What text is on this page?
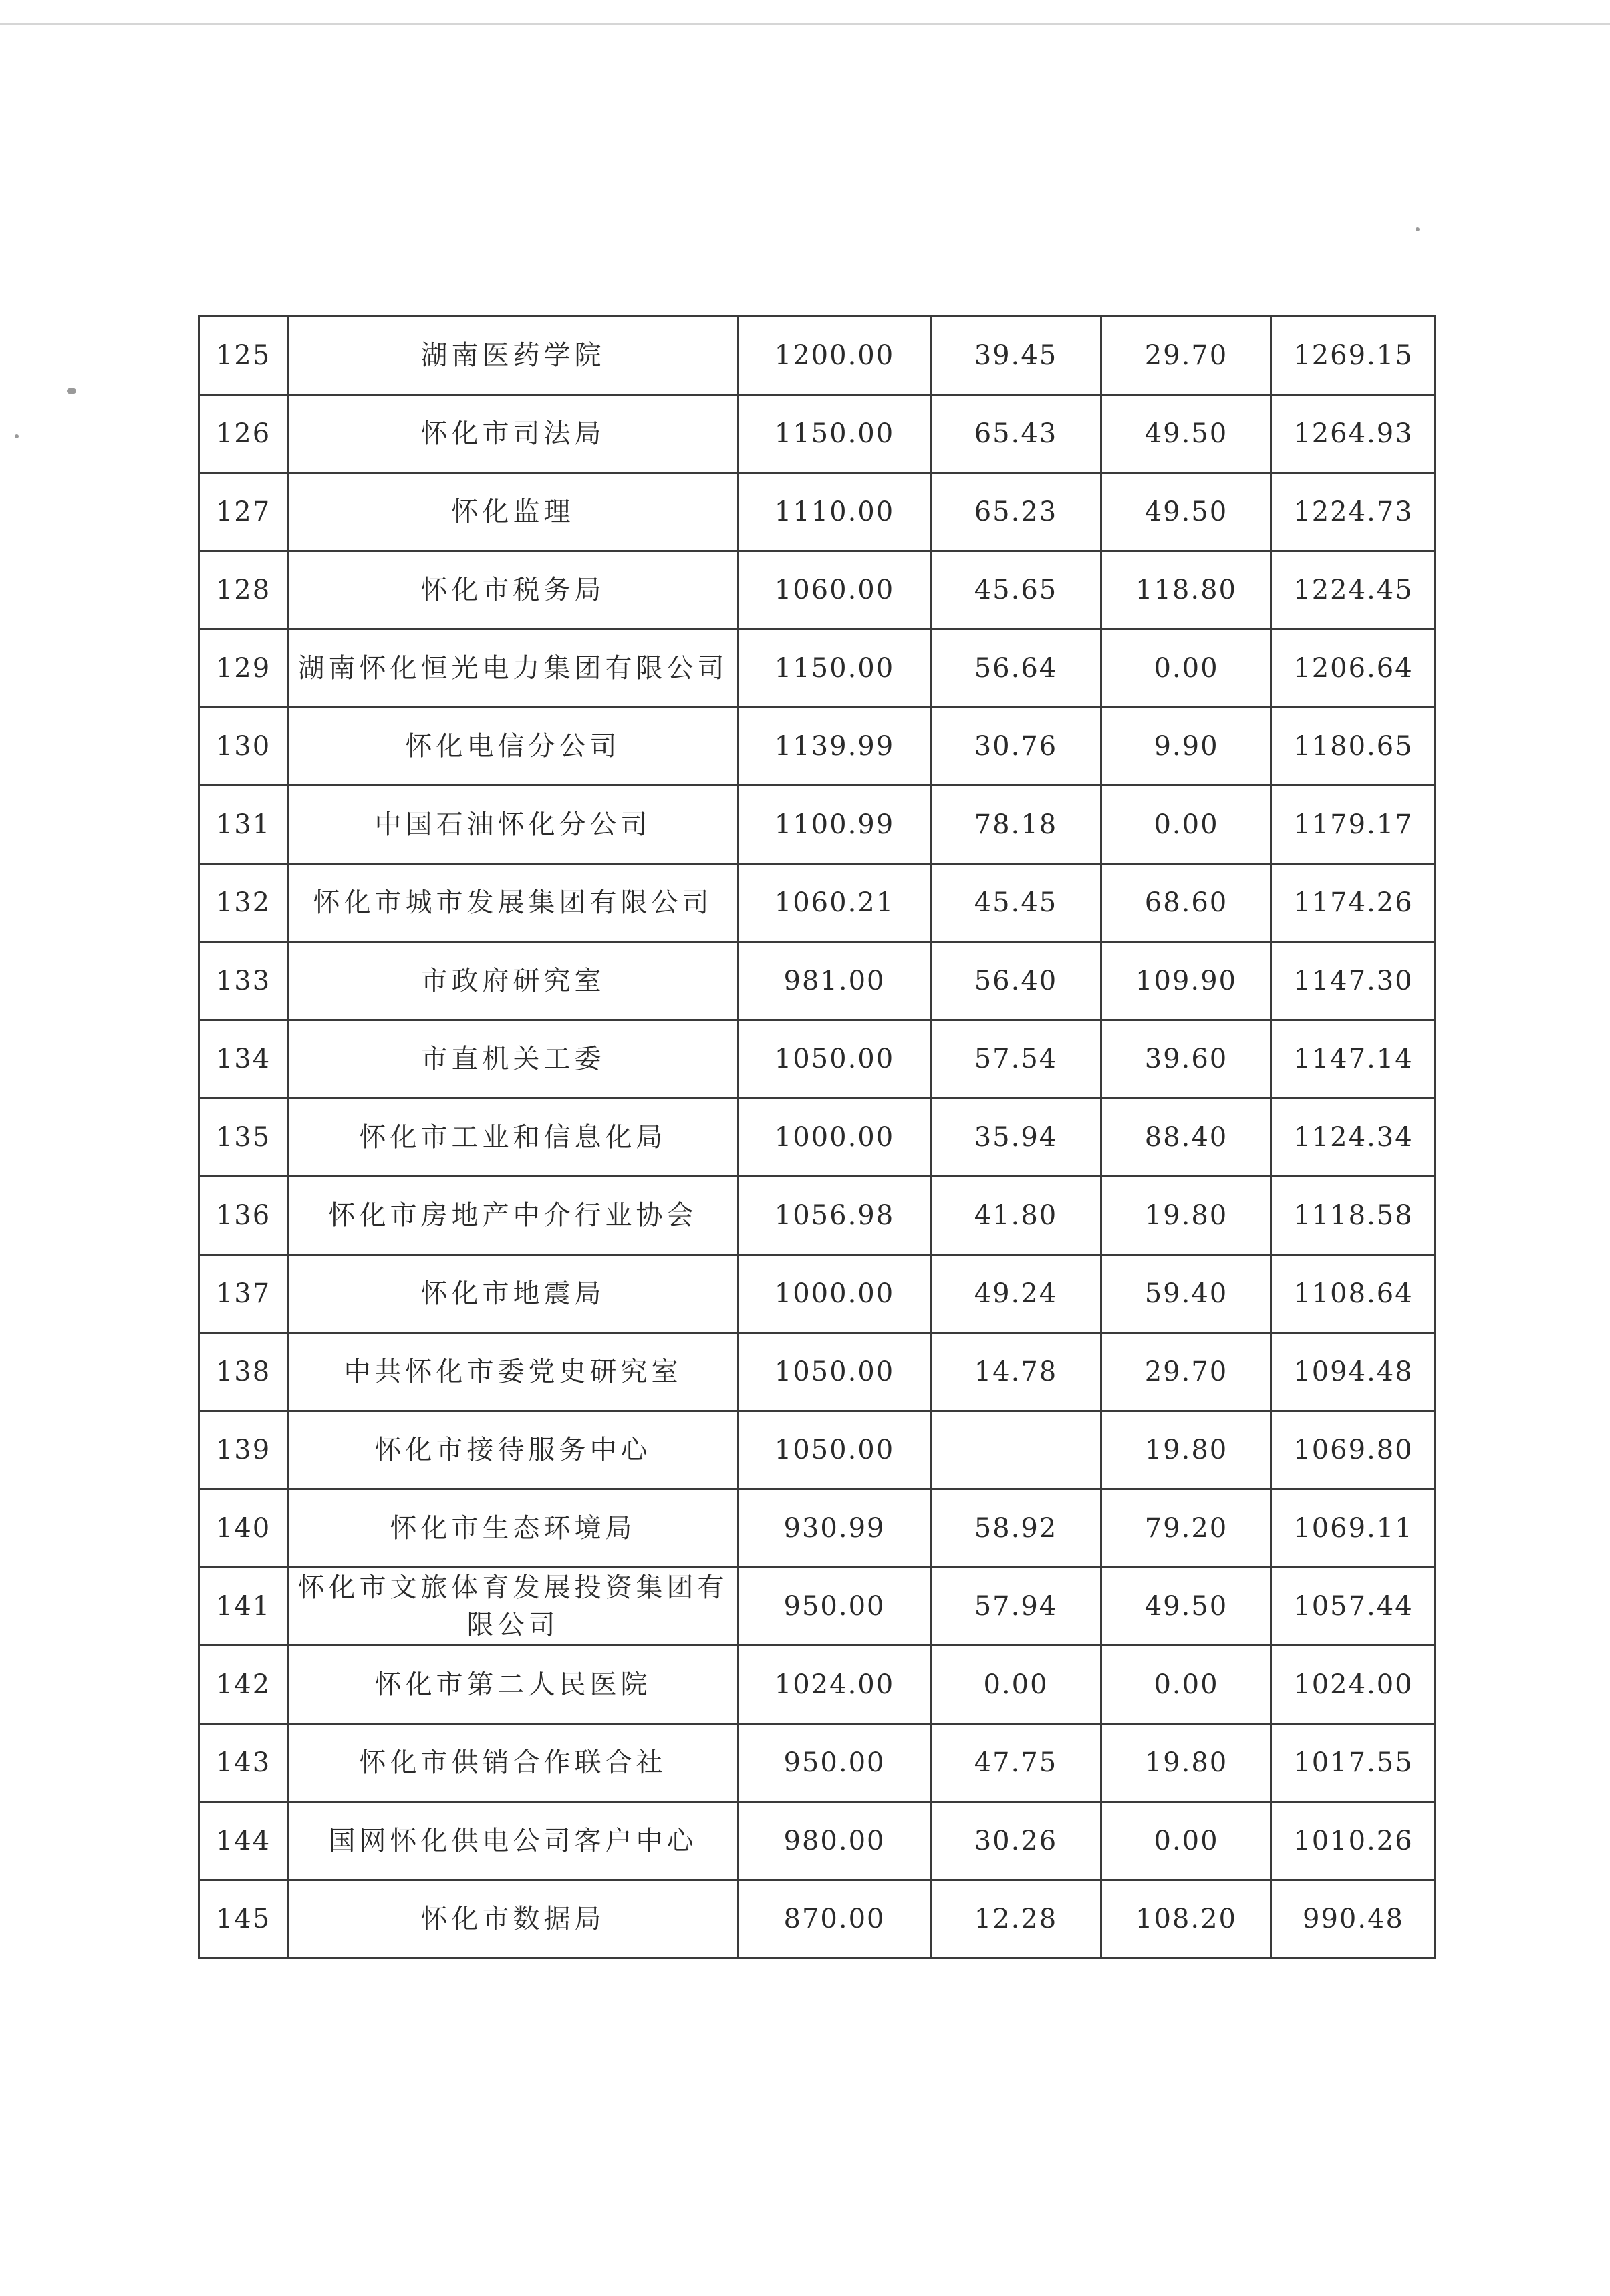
125	湖南医药学院	1200.00	39.45	29.70	1269.15
126	怀化市司法局	1150.00	65.43	49.50	1264.93
127	怀化监理	1110.00	65.23	49.50	1224.73
128	怀化市税务局	1060.00	45.65	118.80	1224.45
129	湖南怀化恒光电力集团有限公司	1150.00	56.64	0.00	1206.64
130	怀化电信分公司	1139.99	30.76	9.90	1180.65
131	中国石油怀化分公司	1100.99	78.18	0.00	1179.17
132	怀化市城市发展集团有限公司	1060.21	45.45	68.60	1174.26
133	市政府研究室	981.00	56.40	109.90	1147.30
134	市直机关工委	1050.00	57.54	39.60	1147.14
135	怀化市工业和信息化局	1000.00	35.94	88.40	1124.34
136	怀化市房地产中介行业协会	1056.98	41.80	19.80	1118.58
137	怀化市地震局	1000.00	49.24	59.40	1108.64
138	中共怀化市委党史研究室	1050.00	14.78	29.70	1094.48
139	怀化市接待服务中心	1050.00		19.80	1069.80
140	怀化市生态环境局	930.99	58.92	79.20	1069.11
141	怀化市文旅体育发展投资集团有限公司	950.00	57.94	49.50	1057.44
142	怀化市第二人民医院	1024.00	0.00	0.00	1024.00
143	怀化市供销合作联合社	950.00	47.75	19.80	1017.55
144	国网怀化供电公司客户中心	980.00	30.26	0.00	1010.26
145	怀化市数据局	870.00	12.28	108.20	990.48
